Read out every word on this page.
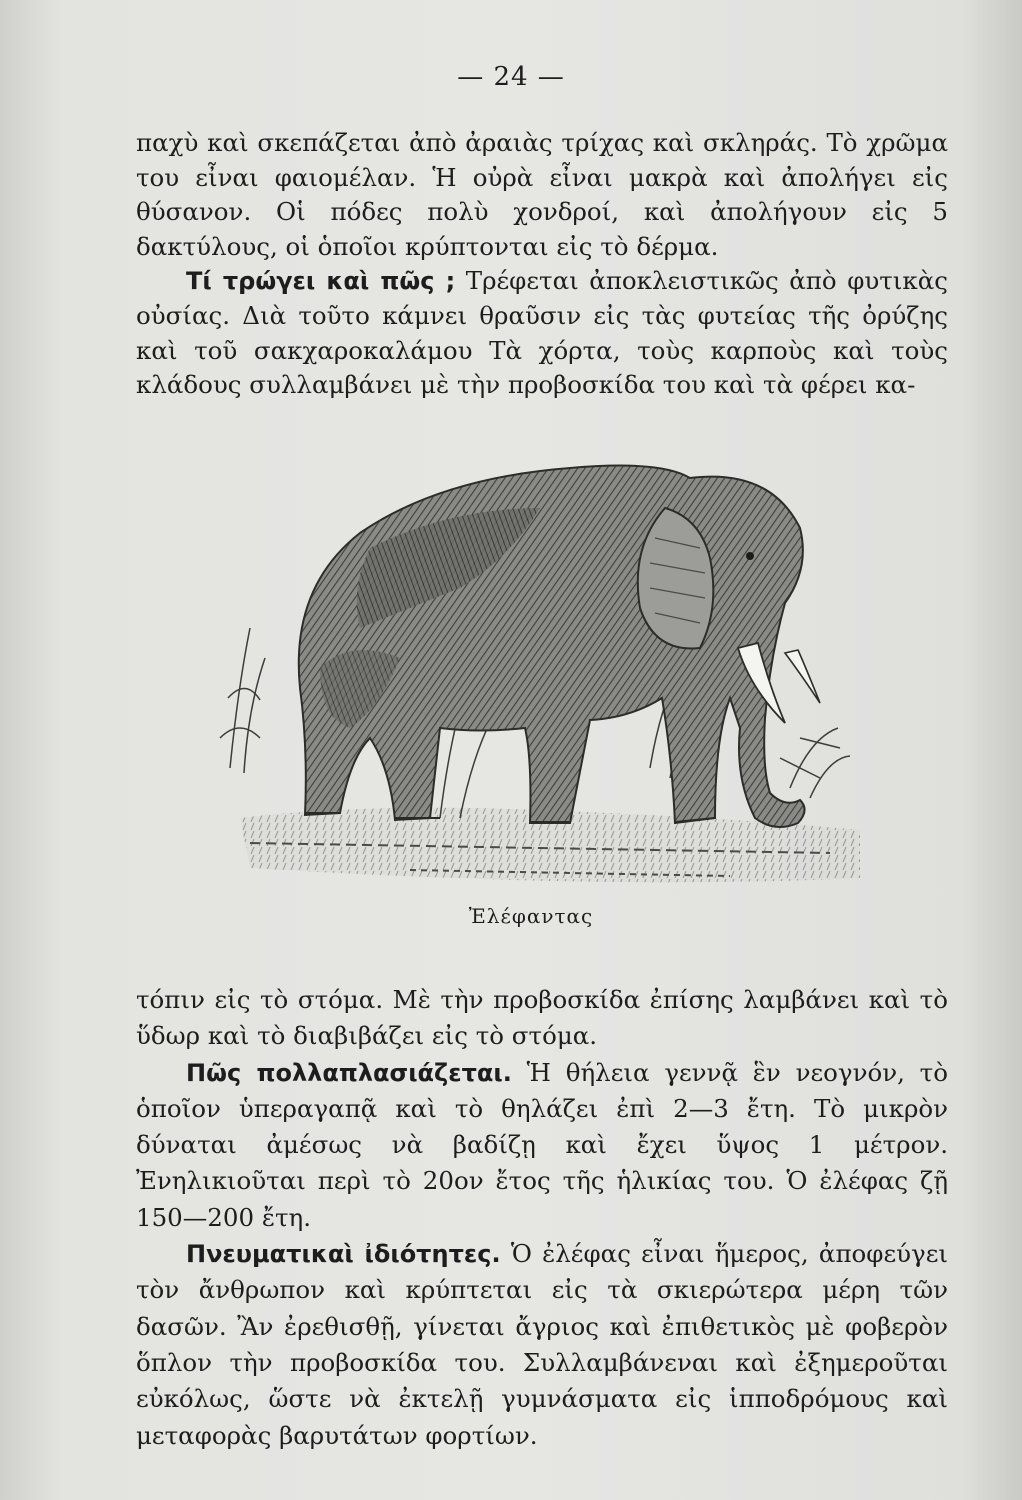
— 24 —

παχὺ καὶ σκεπάζεται ἀπὸ ἀραιὰς τρίχας καὶ σκληράς. Τὸ χρῶμα του εἶναι φαιομέλαν. Ἡ οὐρὰ εἶναι μακρὰ καὶ ἀπολήγει εἰς θύσανον. Οἱ πόδες πολὺ χονδροί, καὶ ἀπολήγουν εἰς 5 δακτύλους, οἱ ὁποῖοι κρύπτονται εἰς τὸ δέρμα.

Τί τρώγει καὶ πῶς ; Τρέφεται ἀποκλειστικῶς ἀπὸ φυτικὰς οὐσίας. Διὰ τοῦτο κάμνει θραῦσιν εἰς τὰς φυτείας τῆς ὀρύζης καὶ τοῦ σακχαροκαλάμου Τὰ χόρτα, τοὺς καρποὺς καὶ τοὺς κλάδους συλλαμβάνει μὲ τὴν προβοσκίδα του καὶ τὰ φέρει κα-

Ἐλέφαντας

τόπιν εἰς τὸ στόμα. Μὲ τὴν προβοσκίδα ἐπίσης λαμβάνει καὶ τὸ ὕδωρ καὶ τὸ διαβιβάζει εἰς τὸ στόμα.

Πῶς πολλαπλασιάζεται. Ἡ θήλεια γεννᾷ ἓν νεογνόν, τὸ ὁποῖον ὑπεραγαπᾷ καὶ τὸ θηλάζει ἐπὶ 2—3 ἔτη. Τὸ μικρὸν δύναται ἀμέσως νὰ βαδίζῃ καὶ ἔχει ὕψος 1 μέτρον. Ἐνηλικιοῦται περὶ τὸ 20ον ἔτος τῆς ἡλικίας του. Ὁ ἐλέφας ζῇ 150—200 ἔτη.

Πνευματικαὶ ἰδιότητες. Ὁ ἐλέφας εἶναι ἥμερος, ἀποφεύγει τὸν ἄνθρωπον καὶ κρύπτεται εἰς τὰ σκιερώτερα μέρη τῶν δασῶν. Ἂν ἐρεθισθῇ, γίνεται ἄγριος καὶ ἐπιθετικὸς μὲ φοβερὸν ὅπλον τὴν προβοσκίδα του. Συλλαμβάνεναι καὶ ἐξημεροῦται εὐκόλως, ὥστε νὰ ἐκτελῇ γυμνάσματα εἰς ἱπποδρόμους καὶ μεταφορὰς βαρυτάτων φορτίων.
